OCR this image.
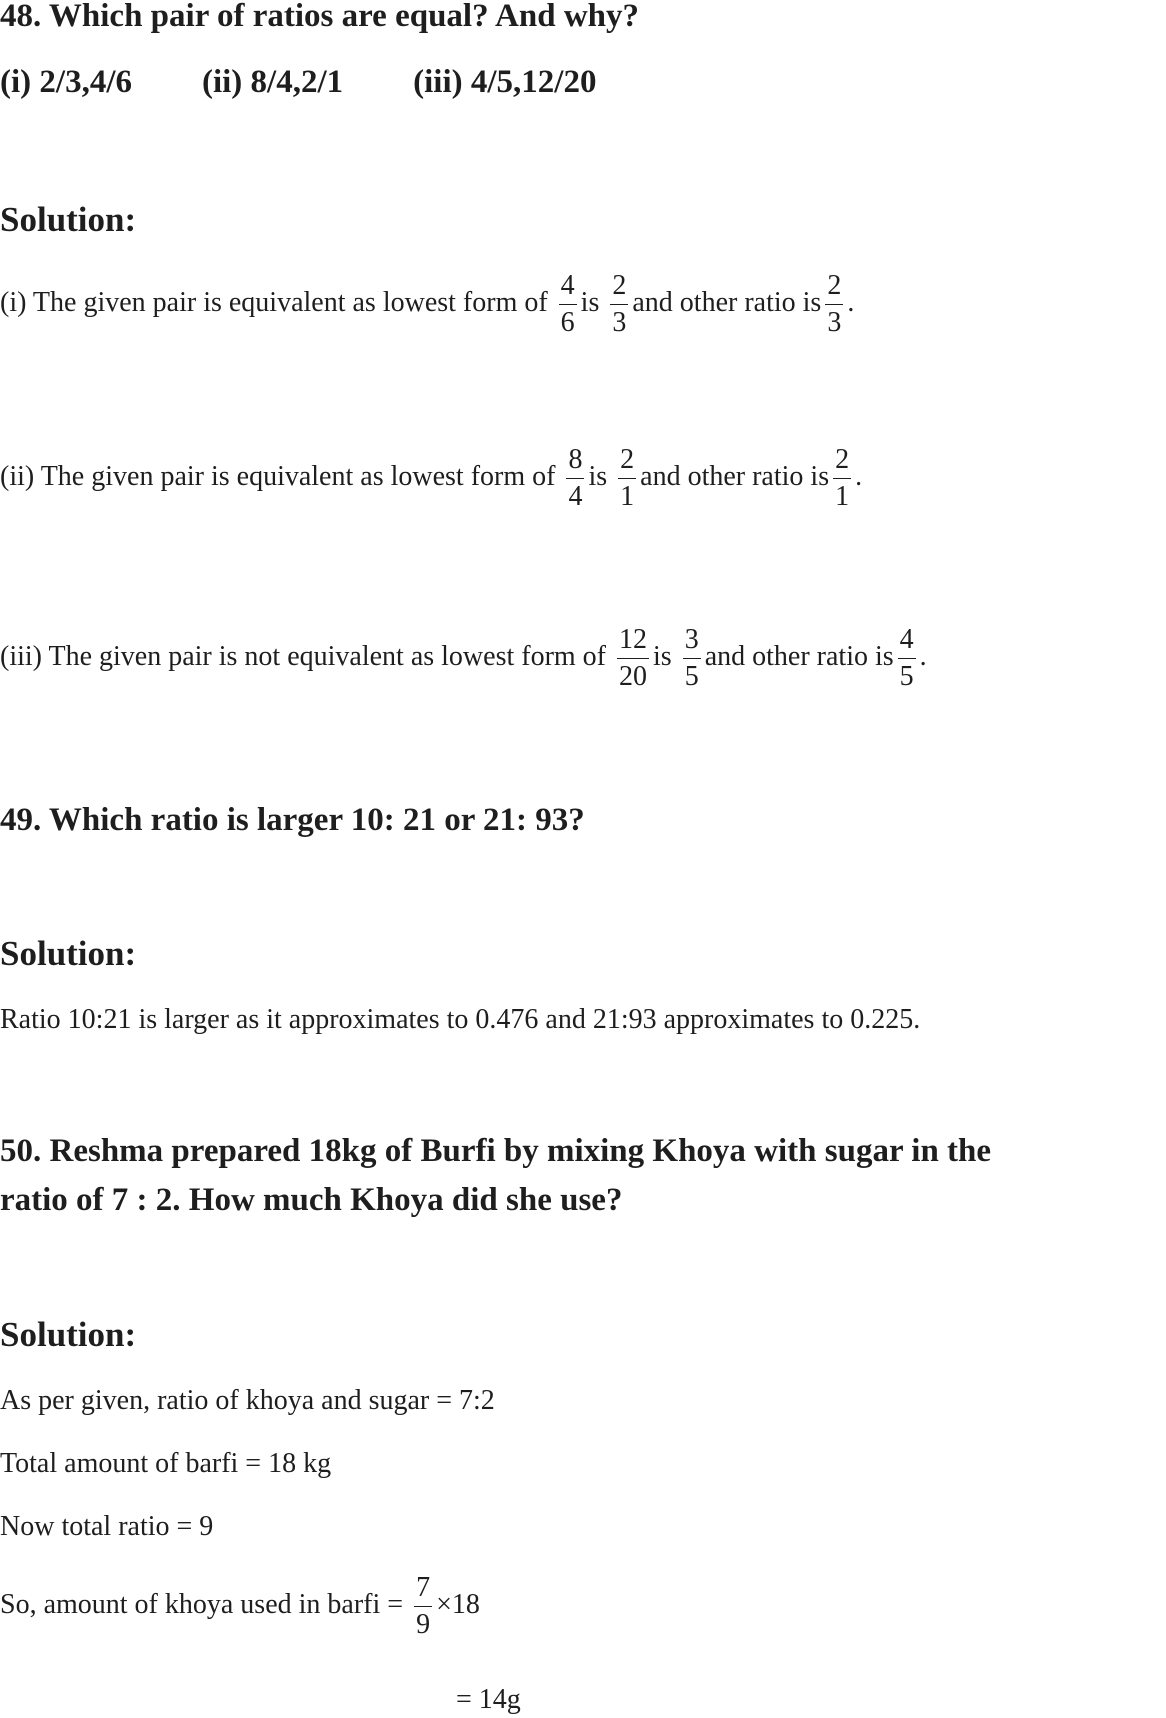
48. Which pair of ratios are equal? And why?
(i) 2/3,4/6 (ii) 8/4,2/1 (iii) 4/5,12/20
Solution:
(i) The given pair is equivalent as lowest form of $\frac{4}{6}$ is $\frac{2}{3}$ and other ratio is $\frac{2}{3}$ .
(ii) The given pair is equivalent as lowest form of $\frac{8}{4}$ is $\frac{2}{1}$ and other ratio is $\frac{2}{1}$ .
(iii) The given pair is not equivalent as lowest form of $\frac{12}{20}$ is $\frac{3}{5}$ and other ratio is $\frac{4}{5}$ .
49. Which ratio is larger 10: 21 or 21: 93?
Solution:
Ratio 10:21 is larger as it approximates to 0.476 and 21:93 approximates to 0.225.
50. Reshma prepared 18kg of Burfi by mixing Khoya with sugar in the
ratio of 7 : 2. How much Khoya did she use?
Solution:
As per given, ratio of khoya and sugar = 7:2
Total amount of barfi = 18 kg
Now total ratio = 9
So, amount of khoya used in barfi = $\frac{7}{9} \times 18$
= 14g
